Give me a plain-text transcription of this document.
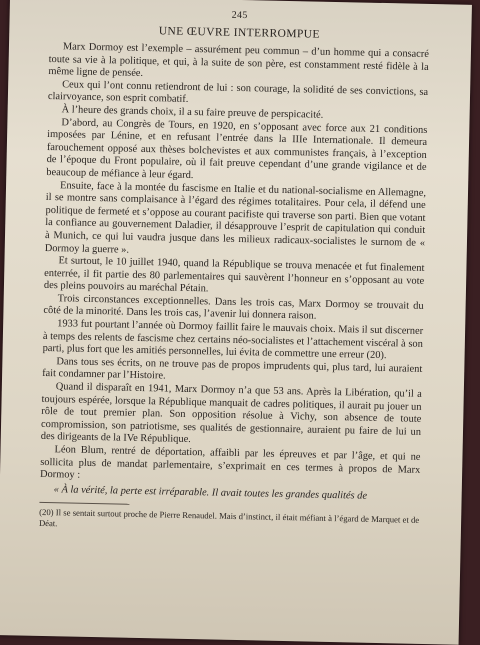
245
UNE ŒUVRE INTERROMPUE

Marx Dormoy est l’exemple – assurément peu commun – d’un homme qui a consacré toute sa vie à la politique, et qui, à la suite de son père, est constamment resté fidèle à la même ligne de pensée.

Ceux qui l’ont connu retiendront de lui : son courage, la solidité de ses convictions, sa clairvoyance, son esprit combatif.

À l’heure des grands choix, il a su faire preuve de perspicacité.

D’abord, au Congrès de Tours, en 1920, en s’opposant avec force aux 21 conditions imposées par Lénine, et en refusant l’entrée dans la IIIe Internationale. Il demeura farouchement opposé aux thèses bolchevistes et aux communistes français, à l’exception de l’époque du Front populaire, où il fait preuve cependant d’une grande vigilance et de beaucoup de méfiance à leur égard.

Ensuite, face à la montée du fascisme en Italie et du national-socialisme en Allemagne, il se montre sans complaisance à l’égard des régimes totalitaires. Pour cela, il défend une politique de fermeté et s’oppose au courant pacifiste qui traverse son parti. Bien que votant la confiance au gouvernement Daladier, il désapprouve l’esprit de capitulation qui conduit à Munich, ce qui lui vaudra jusque dans les milieux radicaux-socialistes le surnom de « Dormoy la guerre ».

Et surtout, le 10 juillet 1940, quand la République se trouva menacée et fut finalement enterrée, il fit partie des 80 parlementaires qui sauvèrent l’honneur en s’opposant au vote des pleins pouvoirs au maréchal Pétain.

Trois circonstances exceptionnelles. Dans les trois cas, Marx Dormoy se trouvait du côté de la minorité. Dans les trois cas, l’avenir lui donnera raison.

1933 fut pourtant l’année où Dormoy faillit faire le mauvais choix. Mais il sut discerner à temps des relents de fascisme chez certains néo-socialistes et l’attachement viscéral à son parti, plus fort que les amitiés personnelles, lui évita de commettre une erreur (20).

Dans tous ses écrits, on ne trouve pas de propos imprudents qui, plus tard, lui auraient fait condamner par l’Histoire.

Quand il disparaît en 1941, Marx Dormoy n’a que 53 ans. Après la Libération, qu’il a toujours espérée, lorsque la République manquait de cadres politiques, il aurait pu jouer un rôle de tout premier plan. Son opposition résolue à Vichy, son absence de toute compromission, son patriotisme, ses qualités de gestionnaire, auraient pu faire de lui un des dirigeants de la IVe République.

Léon Blum, rentré de déportation, affaibli par les épreuves et par l’âge, et qui ne sollicita plus de mandat parlementaire, s’exprimait en ces termes à propos de Marx Dormoy :

« À la vérité, la perte est irréparable. Il avait toutes les grandes qualités de

(20) Il se sentait surtout proche de Pierre Renaudel. Mais d’instinct, il était méfiant à l’égard de Marquet et de Déat.
